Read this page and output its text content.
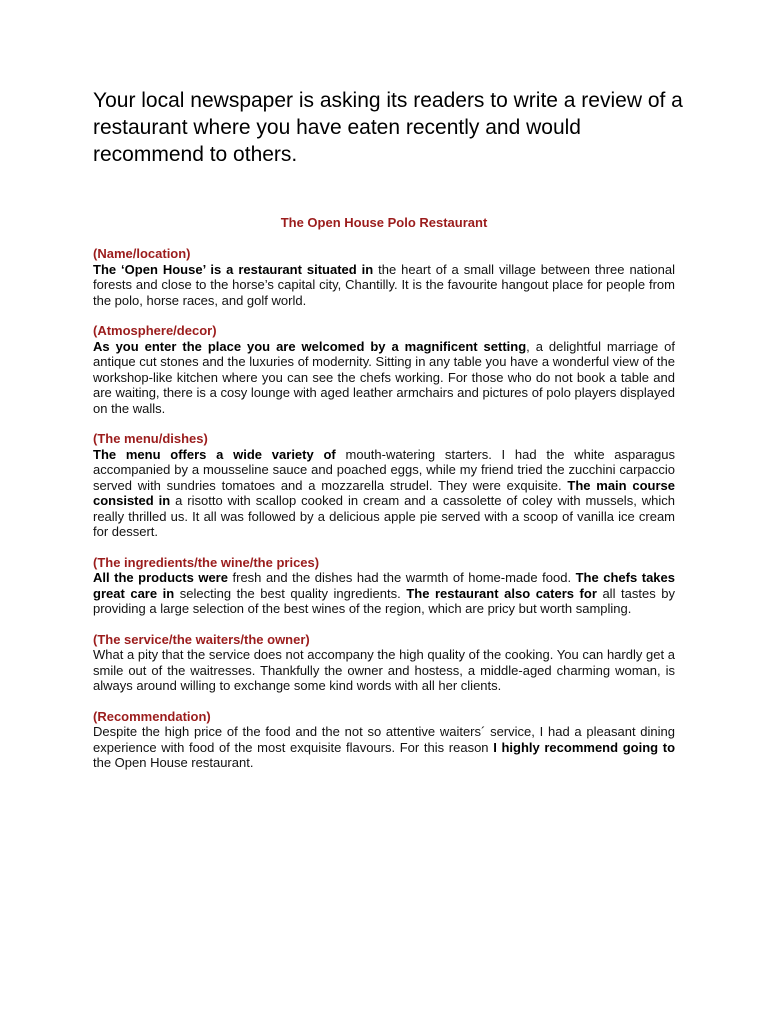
Your local newspaper is asking its readers to write a review of a restaurant where you have eaten recently and would recommend to others.

The Open House Polo Restaurant
(Name/location)

The ‘Open House’ is a restaurant situated in the heart of a small village between three national forests and close to the horse’s capital city, Chantilly. It is the favourite hangout place for people from the polo, horse races, and golf world.

(Atmosphere/decor)

As you enter the place you are welcomed by a magnificent setting, a delightful marriage of antique cut stones and the luxuries of modernity. Sitting in any table you have a wonderful view of the workshop-like kitchen where you can see the chefs working. For those who do not book a table and are waiting, there is a cosy lounge with aged leather armchairs and pictures of polo players displayed on the walls.

(The menu/dishes)

The menu offers a wide variety of mouth-watering starters. I had the white asparagus accompanied by a mousseline sauce and poached eggs, while my friend tried the zucchini carpaccio served with sundries tomatoes and a mozzarella strudel. They were exquisite. The main course consisted in a risotto with scallop cooked in cream and a cassolette of coley with mussels, which really thrilled us. It all was followed by a delicious apple pie served with a scoop of vanilla ice cream for dessert.

(The ingredients/the wine/the prices)

All the products were fresh and the dishes had the warmth of home-made food. The chefs takes great care in selecting the best quality ingredients. The restaurant also caters for all tastes by providing a large selection of the best wines of the region, which are pricy but worth sampling.

(The service/the waiters/the owner)

What a pity that the service does not accompany the high quality of the cooking. You can hardly get a smile out of the waitresses. Thankfully the owner and hostess, a middle-aged charming woman, is always around willing to exchange some kind words with all her clients.

(Recommendation)

Despite the high price of the food and the not so attentive waiters´ service, I had a pleasant dining experience with food of the most exquisite flavours. For this reason I highly recommend going to the Open House restaurant.
